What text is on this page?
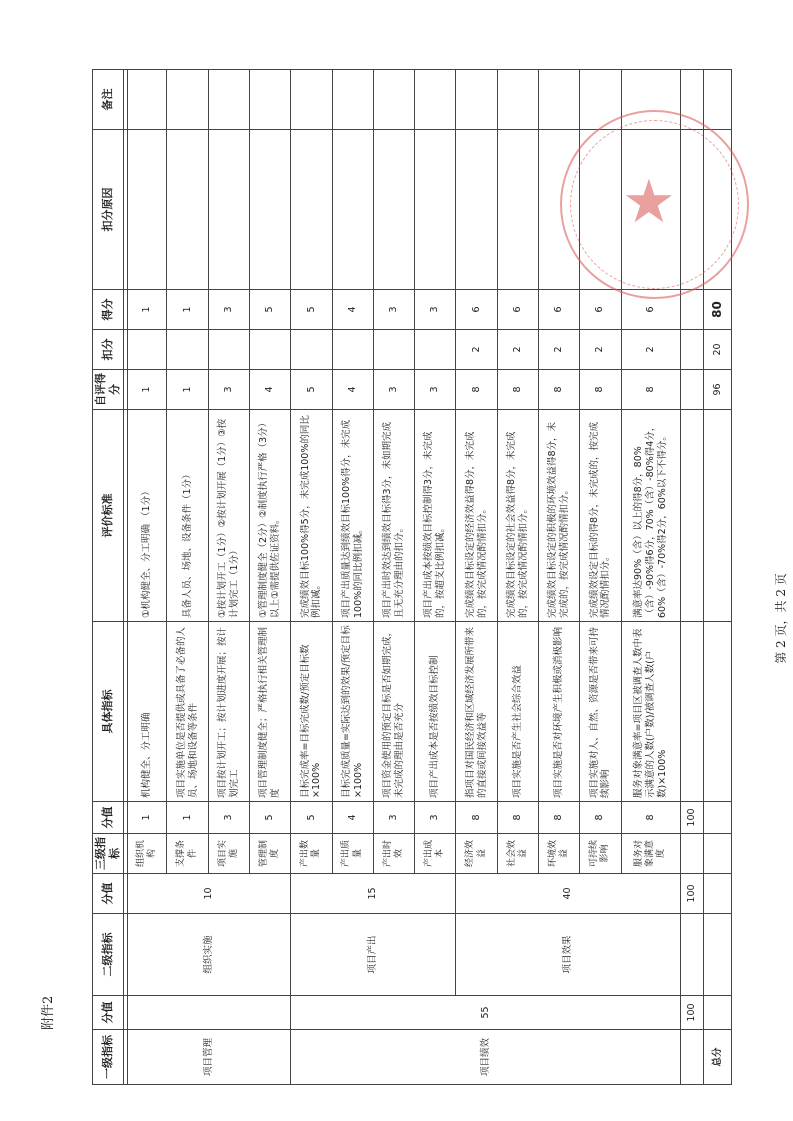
附件2
一级指标	分值	二级指标	分值	三级指标	分值	具体指标	评价标准	自评得分	扣分	得分	扣分原因	备注

项目管理		组织实施	10	组织机构	1	机构健全、分工明确	①机构健全、分工明确 （1分）	1		1		
				支撑条件	1	项目实施单位是否提供或具备了必备的人员、场地和设备等条件	具备人员、场地、设备条件（1分）	1		1		
				项目实施	3	项目按计划开工；按计划进度开展；按计划完工	①按计划开工（1分）②按计划开展（1分）③按计划完工（1分）	3		3		
				管理制度	5	项目管理制度健全；严格执行相关管理制度	①管理制度健全（2分）②制度执行严格（3分）以上①需提供佐证资料。	4		5		
项目绩效	55	项目产出	15	产出数量	5	目标完成率=目标完成数/预定目标数×100%	完成绩效目标100%得5分，未完成100%的同比例扣减。	5		5		
				产出质量	4	目标完成质量=实际达到的效果/预定目标×100%	项目产出质量达到绩效目标100%得分，未完成100%的同比例扣减。	4		4		
				产出时效	3	项目资金使用的预定目标是否如期完成，未完成的理由是否充分	项目产出时效达到绩效目标得3分，未如期完成且无充分理由的扣分。	3		3		
				产出成本	3	项目产出成本是否按绩效目标控制	项目产出成本按绩效目标控制得3分，未完成的，按超支比例扣减。	3		3		
		项目效果	40	经济效益	8	指项目对国民经济和区域经济发展所带来的直接或间接效益等	完成绩效目标设定的经济效益得8分，未完成的，按完成情况酌情扣分。	8	2	6		
				社会效益	8	项目实施是否产生社会综合效益	完成绩效目标设定的社会效益得8分，未完成的，按完成情况酌情扣分。	8	2	6		
				环境效益	8	项目实施是否对环境产生积极或消极影响	完成绩效目标设定的积极的环境效益得8分，未完成的，按完成情况酌情扣分。	8	2	6		
				可持续影响	8	项目实施对人、自然、资源是否带来可持续影响	完成绩效设定目标的得8分，未完成的，按完成情况酌情扣分。	8	2	6		
				服务对象满意度	8	服务对象满意率=项目区被调查人数中表示满意的人数(户数)/被调查人数(户数)×100%	满意率达90%（含）以上的得8分，80%（含）-90%得6分，70%（含）-80%得4分，60%（含）-70%得2分，60%以下不得分。	8	2	6		
	100		100		100							
总分								96	20	80		
★
第 2 页，共 2 页
